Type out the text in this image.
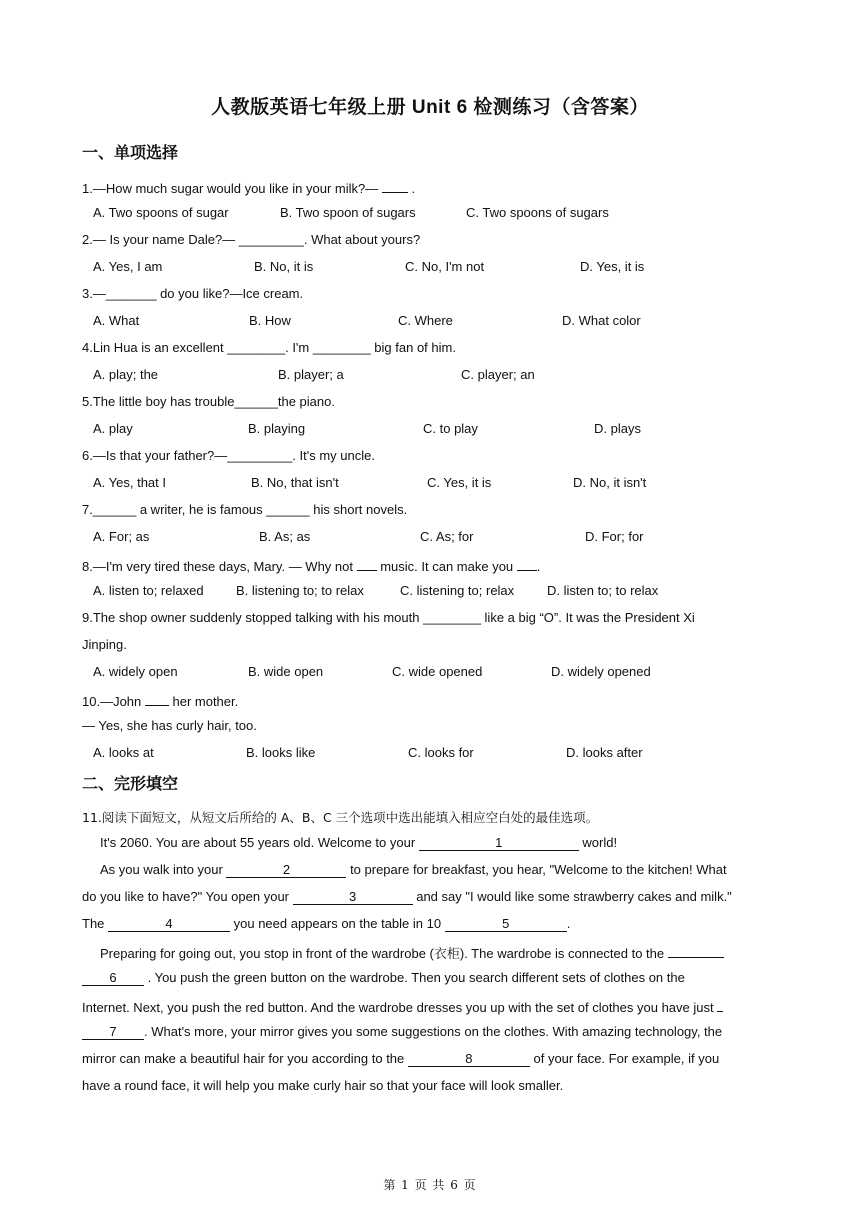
人教版英语七年级上册 Unit 6 检测练习（含答案）
一、单项选择
1.—How much sugar would you like in your milk?—  .
A. Two spoons of sugar	B. Two spoon of sugars	C. Two spoons of sugars
2.— Is your name Dale?— _________. What about yours?
A. Yes, I am	B. No, it is	C. No, I'm not	D. Yes, it is
3.—_______ do you like?—Ice cream.
A. What	B. How	C. Where	D. What color
4.Lin Hua is an excellent ________. I'm ________ big fan of him.
A. play; the	B. player; a	C. player; an
5.The little boy has trouble______the piano.
A. play	B. playing	C. to play	D. plays
6.—Is that your father?—_________. It's my uncle.
A. Yes, that I	B. No, that isn't	C. Yes, it is	D. No, it isn't
7.______ a writer, he is famous ______ his short novels.
A. For; as	B. As; as	C. As; for	D. For; for
8.—I'm very tired these days, Mary. — Why not  music. It can make you .
A. listen to; relaxed B. listening to; to relax	C. listening to; relax	D. listen to; to relax
9.The shop owner suddenly stopped talking with his mouth ________ like a big “O”. It was the President Xi
Jinping.
A. widely open	B. wide open	C. wide opened	D. widely opened
10.—John  her mother.
— Yes, she has curly hair, too.
A. looks at	B. looks like	C. looks for	D. looks after
二、完形填空
11.阅读下面短文，从短文后所给的 A、B、C 三个选项中选出能填入相应空白处的最佳选项。
It's 2060. You are about 55 years old. Welcome to your	1	world!
As you walk into your	2	to prepare for breakfast, you hear, "Welcome to the kitchen! What
do you like to have?" You open your	3	and say "I would like some strawberry cakes and milk."
The	4	you need appears on the table in 10	5	.
Preparing for going out, you stop in front of the wardrobe (衣柜). The wardrobe is connected to the
6 . You push the green button on the wardrobe. Then you search different sets of clothes on the
Internet. Next, you push the red button. And the wardrobe dresses you up with the set of clothes you have just
7 . What's more, your mirror gives you some suggestions on the clothes. With amazing technology, the
mirror can make a beautiful hair for you according to the	8	of your face. For example, if you
have a round face, it will help you make curly hair so that your face will look smaller.
第 1 页 共 6 页
